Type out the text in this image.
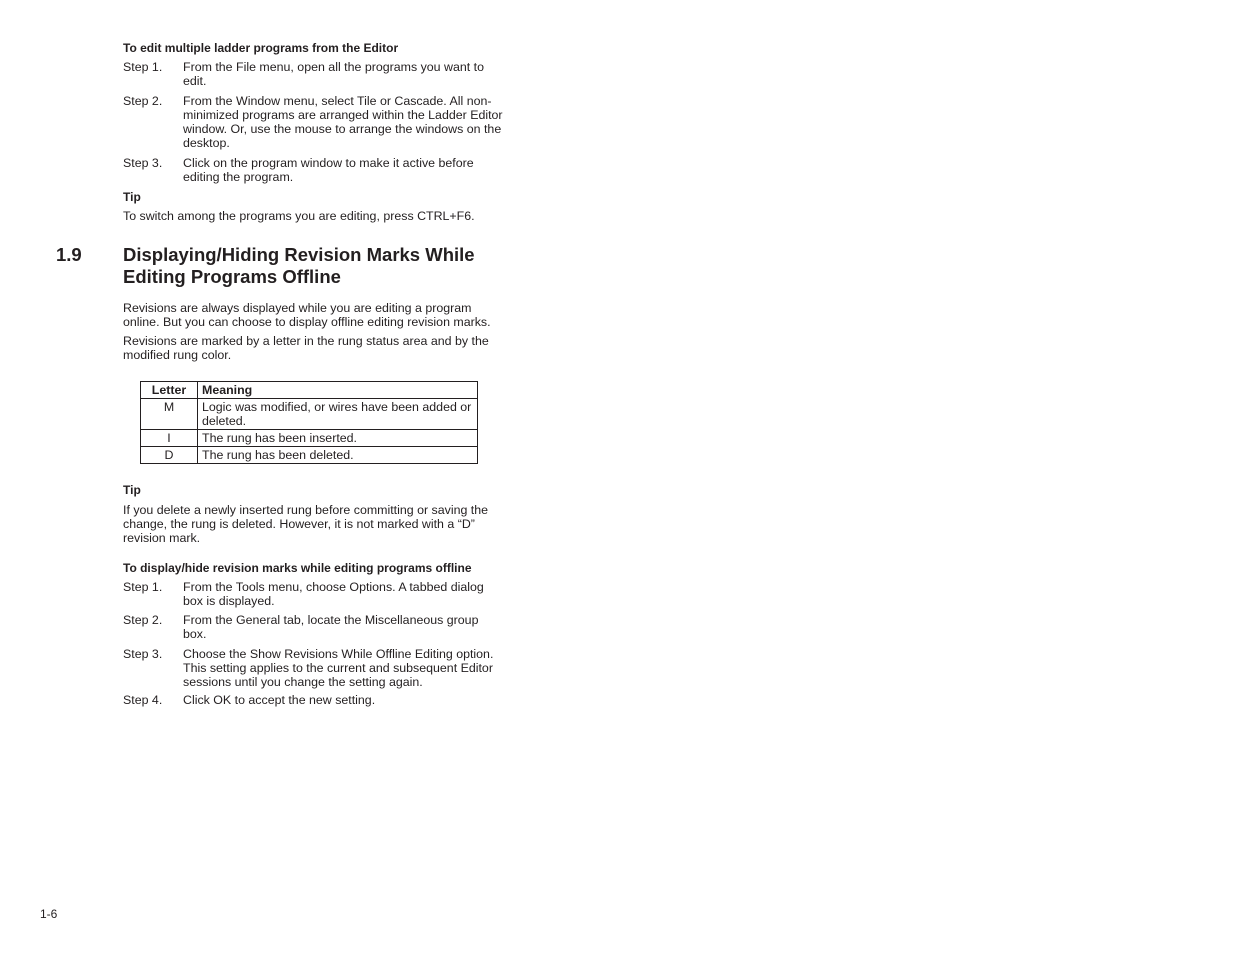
To edit multiple ladder programs from the Editor
Step 1. From the File menu, open all the programs you want to edit.
Step 2. From the Window menu, select Tile or Cascade. All non-minimized programs are arranged within the Ladder Editor window. Or, use the mouse to arrange the windows on the desktop.
Step 3. Click on the program window to make it active before editing the program.
Tip
To switch among the programs you are editing, press CTRL+F6.
1.9 Displaying/Hiding Revision Marks While Editing Programs Offline
Revisions are always displayed while you are editing a program online. But you can choose to display offline editing revision marks.
Revisions are marked by a letter in the rung status area and by the modified rung color.
Letter	Meaning
M	Logic was modified, or wires have been added or deleted.
I	The rung has been inserted.
D	The rung has been deleted.
Tip
If you delete a newly inserted rung before committing or saving the change, the rung is deleted. However, it is not marked with a “D” revision mark.
To display/hide revision marks while editing programs offline
Step 1. From the Tools menu, choose Options. A tabbed dialog box is displayed.
Step 2. From the General tab, locate the Miscellaneous group box.
Step 3. Choose the Show Revisions While Offline Editing option. This setting applies to the current and subsequent Editor sessions until you change the setting again.
Step 4. Click OK to accept the new setting.
1-6
